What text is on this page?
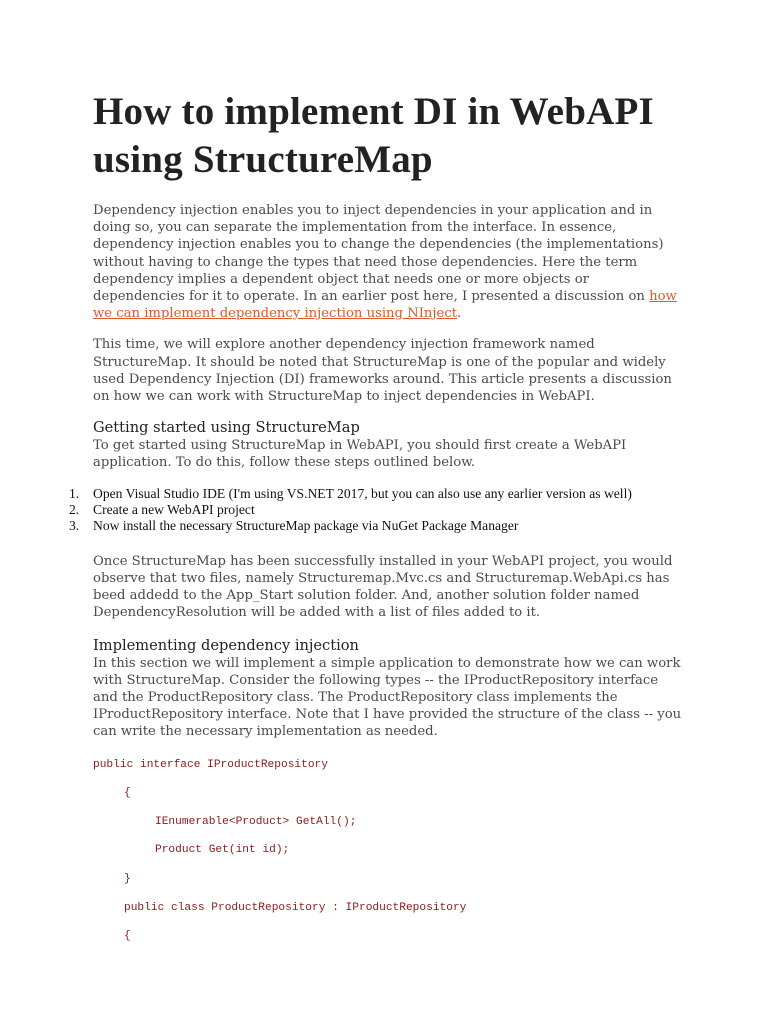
How to implement DI in WebAPI
using StructureMap

Dependency injection enables you to inject dependencies in your application and in doing so, you can separate the implementation from the interface. In essence, dependency injection enables you to change the dependencies (the implementations) without having to change the types that need those dependencies. Here the term dependency implies a dependent object that needs one or more objects or dependencies for it to operate. In an earlier post here, I presented a discussion on how we can implement dependency injection using NInject.

This time, we will explore another dependency injection framework named StructureMap. It should be noted that StructureMap is one of the popular and widely used Dependency Injection (DI) frameworks around. This article presents a discussion on how we can work with StructureMap to inject dependencies in WebAPI.

Getting started using StructureMap

To get started using StructureMap in WebAPI, you should first create a WebAPI application. To do this, follow these steps outlined below.

1. Open Visual Studio IDE (I'm using VS.NET 2017, but you can also use any earlier version as well)
2. Create a new WebAPI project
3. Now install the necessary StructureMap package via NuGet Package Manager

Once StructureMap has been successfully installed in your WebAPI project, you would observe that two files, namely Structuremap.Mvc.cs and Structuremap.WebApi.cs has beed addedd to the App_Start solution folder. And, another solution folder named DependencyResolution will be added with a list of files added to it.

Implementing dependency injection

In this section we will implement a simple application to demonstrate how we can work with StructureMap. Consider the following types -- the IProductRepository interface and the ProductRepository class. The ProductRepository class implements the IProductRepository interface. Note that I have provided the structure of the class -- you can write the necessary implementation as needed.

public interface IProductRepository
{
IEnumerable<Product> GetAll();
Product Get(int id);
}
public class ProductRepository : IProductRepository
{
